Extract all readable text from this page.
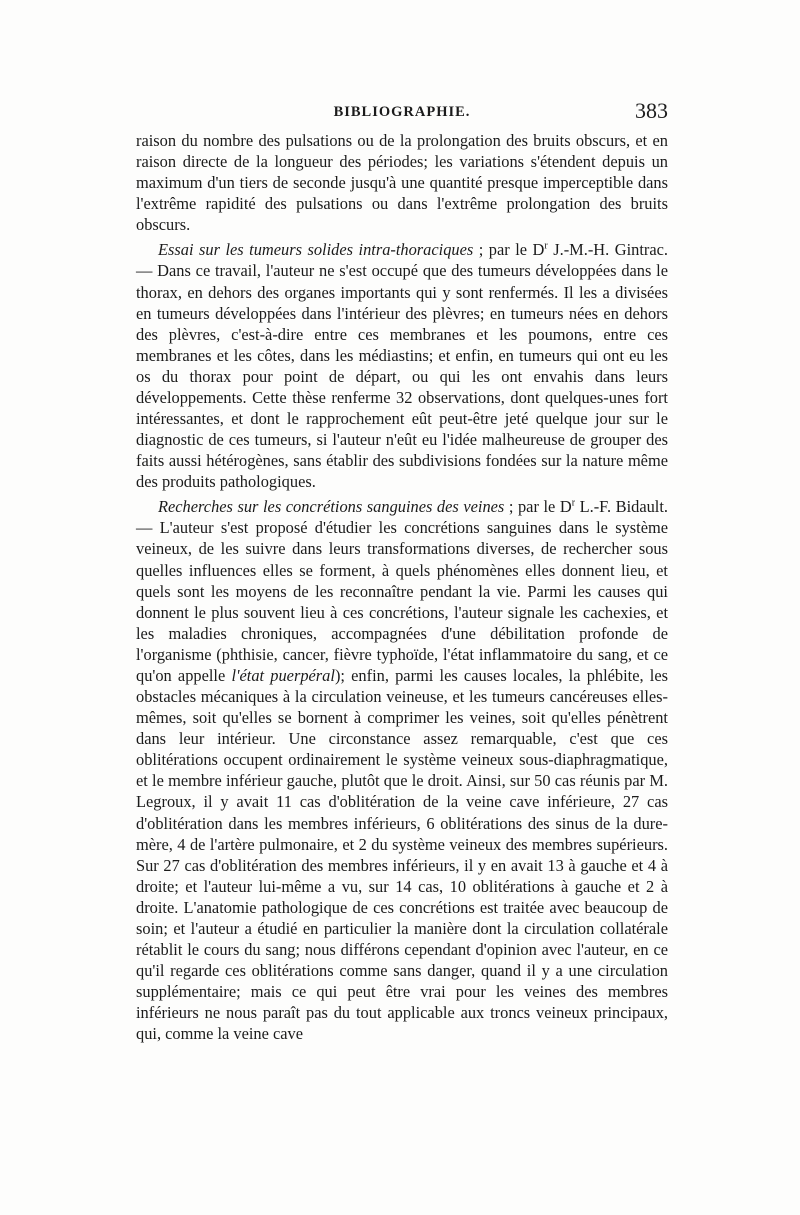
BIBLIOGRAPHIE.	383

raison du nombre des pulsations ou de la prolongation des bruits obscurs, et en raison directe de la longueur des périodes; les variations s'étendent depuis un maximum d'un tiers de seconde jusqu'à une quantité presque imperceptible dans l'extrême rapidité des pulsations ou dans l'extrême prolongation des bruits obscurs.

Essai sur les tumeurs solides intra-thoraciques ; par le $D^r$ J.-M.-H. Gintrac. — Dans ce travail, l'auteur ne s'est occupé que des tumeurs développées dans le thorax, en dehors des organes importants qui y sont renfermés. Il les a divisées en tumeurs développées dans l'intérieur des plèvres; en tumeurs nées en dehors des plèvres, c'est-à-dire entre ces membranes et les poumons, entre ces membranes et les côtes, dans les médiastins; et enfin, en tumeurs qui ont eu les os du thorax pour point de départ, ou qui les ont envahis dans leurs développements. Cette thèse renferme 32 observations, dont quelques-unes fort intéressantes, et dont le rapprochement eût peut-être jeté quelque jour sur le diagnostic de ces tumeurs, si l'auteur n'eût eu l'idée malheureuse de grouper des faits aussi hétérogènes, sans établir des subdivisions fondées sur la nature même des produits pathologiques.

Recherches sur les concrétions sanguines des veines ; par le $D^r$ L.-F. Bidault. — L'auteur s'est proposé d'étudier les concrétions sanguines dans le système veineux, de les suivre dans leurs transformations diverses, de rechercher sous quelles influences elles se forment, à quels phénomènes elles donnent lieu, et quels sont les moyens de les reconnaître pendant la vie. Parmi les causes qui donnent le plus souvent lieu à ces concrétions, l'auteur signale les cachexies, et les maladies chroniques, accompagnées d'une débilitation profonde de l'organisme (phthisie, cancer, fièvre typhoïde, l'état inflammatoire du sang, et ce qu'on appelle l'état puerpéral); enfin, parmi les causes locales, la phlébite, les obstacles mécaniques à la circulation veineuse, et les tumeurs cancéreuses elles-mêmes, soit qu'elles se bornent à comprimer les veines, soit qu'elles pénètrent dans leur intérieur. Une circonstance assez remarquable, c'est que ces oblitérations occupent ordinairement le système veineux sous-diaphragmatique, et le membre inférieur gauche, plutôt que le droit. Ainsi, sur 50 cas réunis par M. Legroux, il y avait 11 cas d'oblitération de la veine cave inférieure, 27 cas d'oblitération dans les membres inférieurs, 6 oblitérations des sinus de la dure-mère, 4 de l'artère pulmonaire, et 2 du système veineux des membres supérieurs. Sur 27 cas d'oblitération des membres inférieurs, il y en avait 13 à gauche et 4 à droite; et l'auteur lui-même a vu, sur 14 cas, 10 oblitérations à gauche et 2 à droite. L'anatomie pathologique de ces concrétions est traitée avec beaucoup de soin; et l'auteur a étudié en particulier la manière dont la circulation collatérale rétablit le cours du sang; nous différons cependant d'opinion avec l'auteur, en ce qu'il regarde ces oblitérations comme sans danger, quand il y a une circulation supplémentaire; mais ce qui peut être vrai pour les veines des membres inférieurs ne nous paraît pas du tout applicable aux troncs veineux principaux, qui, comme la veine cave
